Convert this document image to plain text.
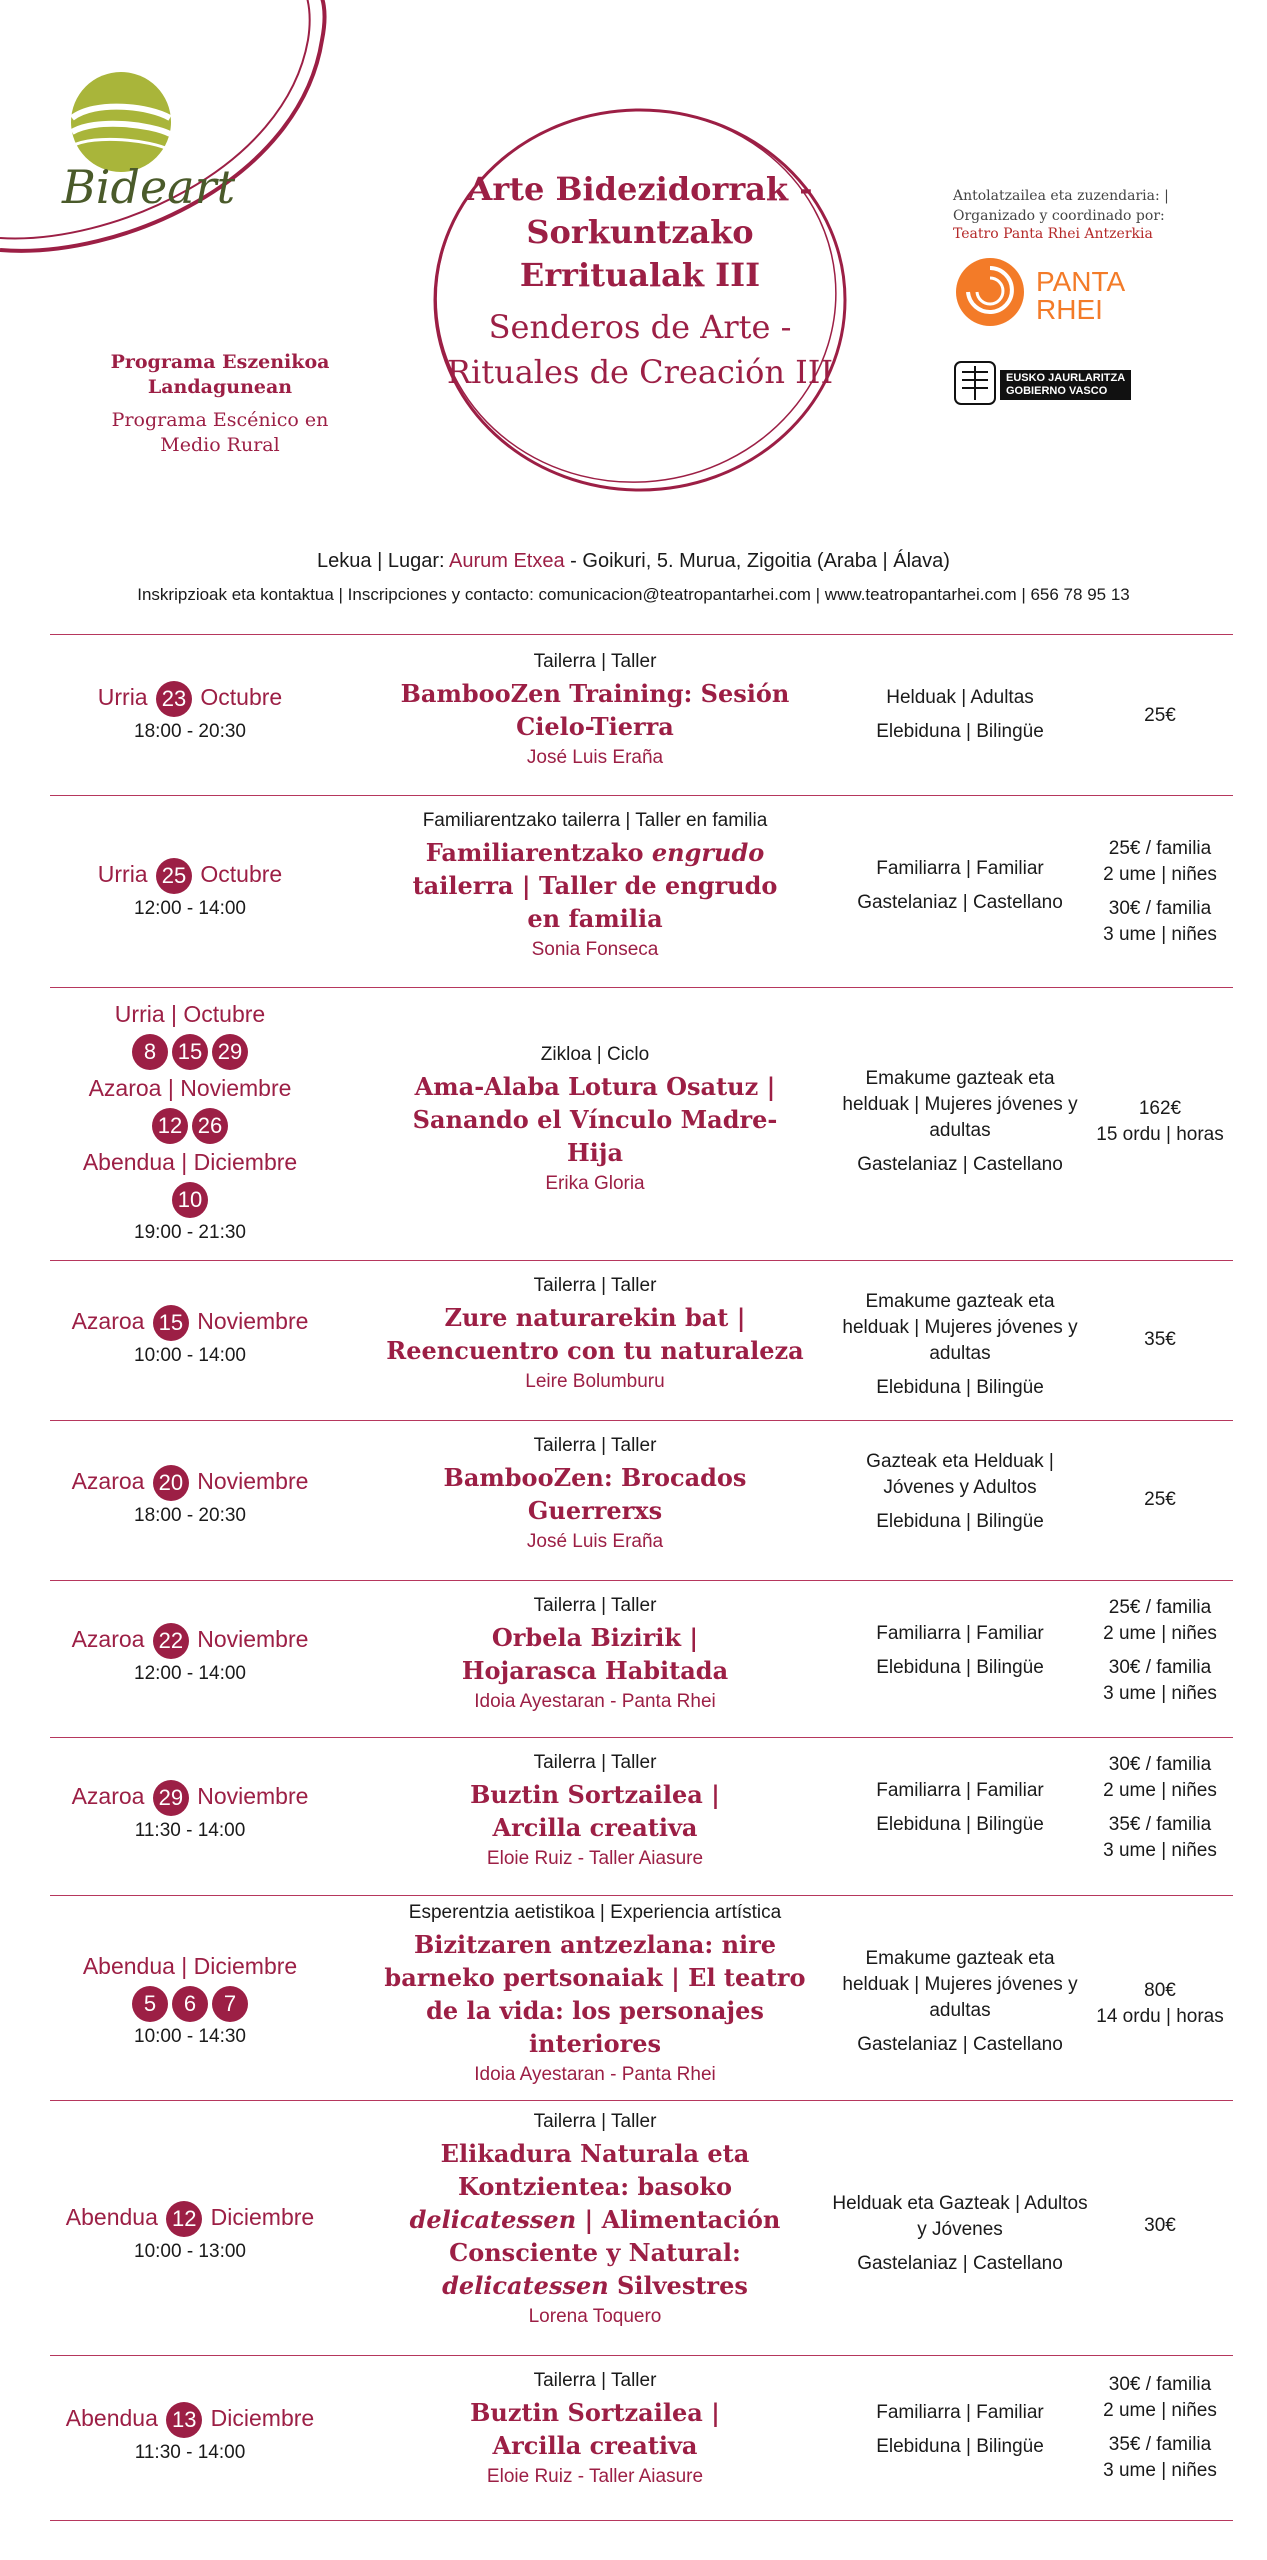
Bideart
Programa Eszenikoa Landagunean
Programa Escénico en Medio Rural
Arte Bidezidorrak - Sorkuntzako Erritualak III
Senderos de Arte - Rituales de Creación III
Antolatzailea eta zuzendaria: | Organizado y coordinado por:
Teatro Panta Rhei Antzerkia
PANTA
RHEI
EUSKO JAURLARITZA
GOBIERNO VASCO
Lekua | Lugar: Aurum Etxea - Goikuri, 5. Murua, Zigoitia (Araba | Álava)
Inskripzioak eta kontaktua | Inscripciones y contacto: comunicacion@teatropantarhei.com | www.teatropantarhei.com | 656 78 95 13
Urria 23 Octubre
18:00 - 20:30
Tailerra | Taller
BambooZen Training: Sesión Cielo-Tierra
José Luis Eraña
Helduak | Adultas
Elebiduna | Bilingüe
25€
Urria 25 Octubre
12:00 - 14:00
Familiarentzako tailerra | Taller en familia
Familiarentzako engrudo tailerra | Taller de engrudo en familia
Sonia Fonseca
Familiarra | Familiar
Gastelaniaz | Castellano
25€ / familia
2 ume | niñes
30€ / familia
3 ume | niñes
Urria | Octubre
8 15 29
Azaroa | Noviembre
12 26
Abendua | Diciembre
10
19:00 - 21:30
Zikloa | Ciclo
Ama-Alaba Lotura Osatuz | Sanando el Vínculo Madre-Hija
Erika Gloria
Emakume gazteak eta helduak | Mujeres jóvenes y adultas
Gastelaniaz | Castellano
162€
15 ordu | horas
Azaroa 15 Noviembre
10:00 - 14:00
Tailerra | Taller
Zure naturarekin bat | Reencuentro con tu naturaleza
Leire Bolumburu
Emakume gazteak eta helduak | Mujeres jóvenes y adultas
Elebiduna | Bilingüe
35€
Azaroa 20 Noviembre
18:00 - 20:30
Tailerra | Taller
BambooZen: Brocados Guerrerxs
José Luis Eraña
Gazteak eta Helduak | Jóvenes y Adultos
Elebiduna | Bilingüe
25€
Azaroa 22 Noviembre
12:00 - 14:00
Tailerra | Taller
Orbela Bizirik | Hojarasca Habitada
Idoia Ayestaran - Panta Rhei
Familiarra | Familiar
Elebiduna | Bilingüe
25€ / familia
2 ume | niñes
30€ / familia
3 ume | niñes
Azaroa 29 Noviembre
11:30 - 14:00
Tailerra | Taller
Buztin Sortzailea | Arcilla creativa
Eloie Ruiz - Taller Aiasure
Familiarra | Familiar
Elebiduna | Bilingüe
30€ / familia
2 ume | niñes
35€ / familia
3 ume | niñes
Abendua | Diciembre
5 6 7
10:00 - 14:30
Esperentzia aetistikoa | Experiencia artística
Bizitzaren antzezlana: nire barneko pertsonaiak | El teatro de la vida: los personajes interiores
Idoia Ayestaran - Panta Rhei
Emakume gazteak eta helduak | Mujeres jóvenes y adultas
Gastelaniaz | Castellano
80€
14 ordu | horas
Abendua 12 Diciembre
10:00 - 13:00
Tailerra | Taller
Elikadura Naturala eta Kontzientea: basoko delicatessen | Alimentación Consciente y Natural: delicatessen Silvestres
Lorena Toquero
Helduak eta Gazteak | Adultos y Jóvenes
Gastelaniaz | Castellano
30€
Abendua 13 Diciembre
11:30 - 14:00
Tailerra | Taller
Buztin Sortzailea | Arcilla creativa
Eloie Ruiz - Taller Aiasure
Familiarra | Familiar
Elebiduna | Bilingüe
30€ / familia
2 ume | niñes
35€ / familia
3 ume | niñes
